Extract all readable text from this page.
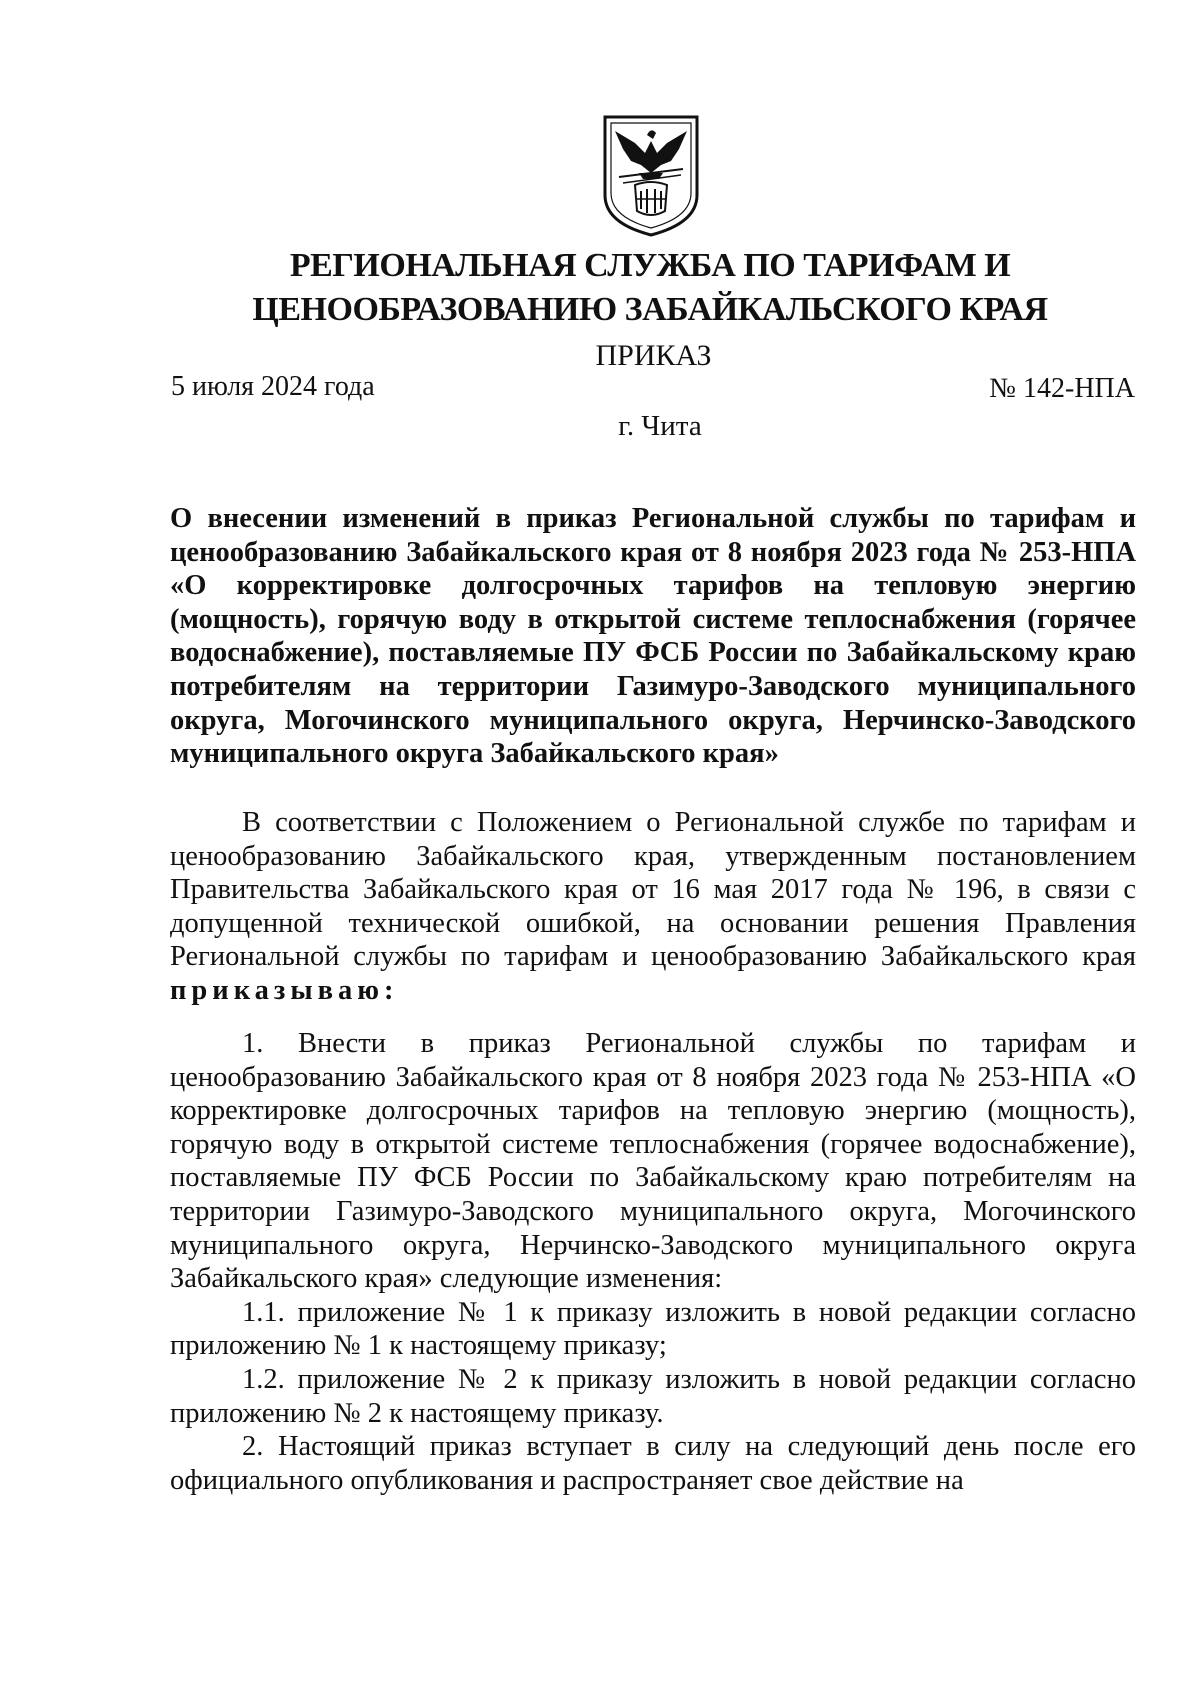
РЕГИОНАЛЬНАЯ СЛУЖБА ПО ТАРИФАМ И
ЦЕНООБРАЗОВАНИЮ ЗАБАЙКАЛЬСКОГО КРАЯ
ПРИКАЗ
5 июля 2024 года	№ 142-НПА
г. Чита
О внесении изменений в приказ Региональной службы по тарифам и ценообразованию Забайкальского края от 8 ноября 2023 года № 253-НПА «О корректировке долгосрочных тарифов на тепловую энергию (мощность), горячую воду в открытой системе теплоснабжения (горячее водоснабжение), поставляемые ПУ ФСБ России по Забайкальскому краю потребителям на территории Газимуро-Заводского муниципального округа, Могочинского муниципального округа, Нерчинско-Заводского муниципального округа Забайкальского края»
В соответствии с Положением о Региональной службе по тарифам и ценообразованию Забайкальского края, утвержденным постановлением Правительства Забайкальского края от 16 мая 2017 года № 196, в связи с допущенной технической ошибкой, на основании решения Правления Региональной службы по тарифам и ценообразованию Забайкальского края приказываю:

1. Внести в приказ Региональной службы по тарифам и ценообразованию Забайкальского края от 8 ноября 2023 года № 253-НПА «О корректировке долгосрочных тарифов на тепловую энергию (мощность), горячую воду в открытой системе теплоснабжения (горячее водоснабжение), поставляемые ПУ ФСБ России по Забайкальскому краю потребителям на территории Газимуро-Заводского муниципального округа, Могочинского муниципального округа, Нерчинско-Заводского муниципального округа Забайкальского края» следующие изменения:

1.1. приложение № 1 к приказу изложить в новой редакции согласно приложению № 1 к настоящему приказу;

1.2. приложение № 2 к приказу изложить в новой редакции согласно приложению № 2 к настоящему приказу.

2. Настоящий приказ вступает в силу на следующий день после его официального опубликования и распространяет свое действие на
